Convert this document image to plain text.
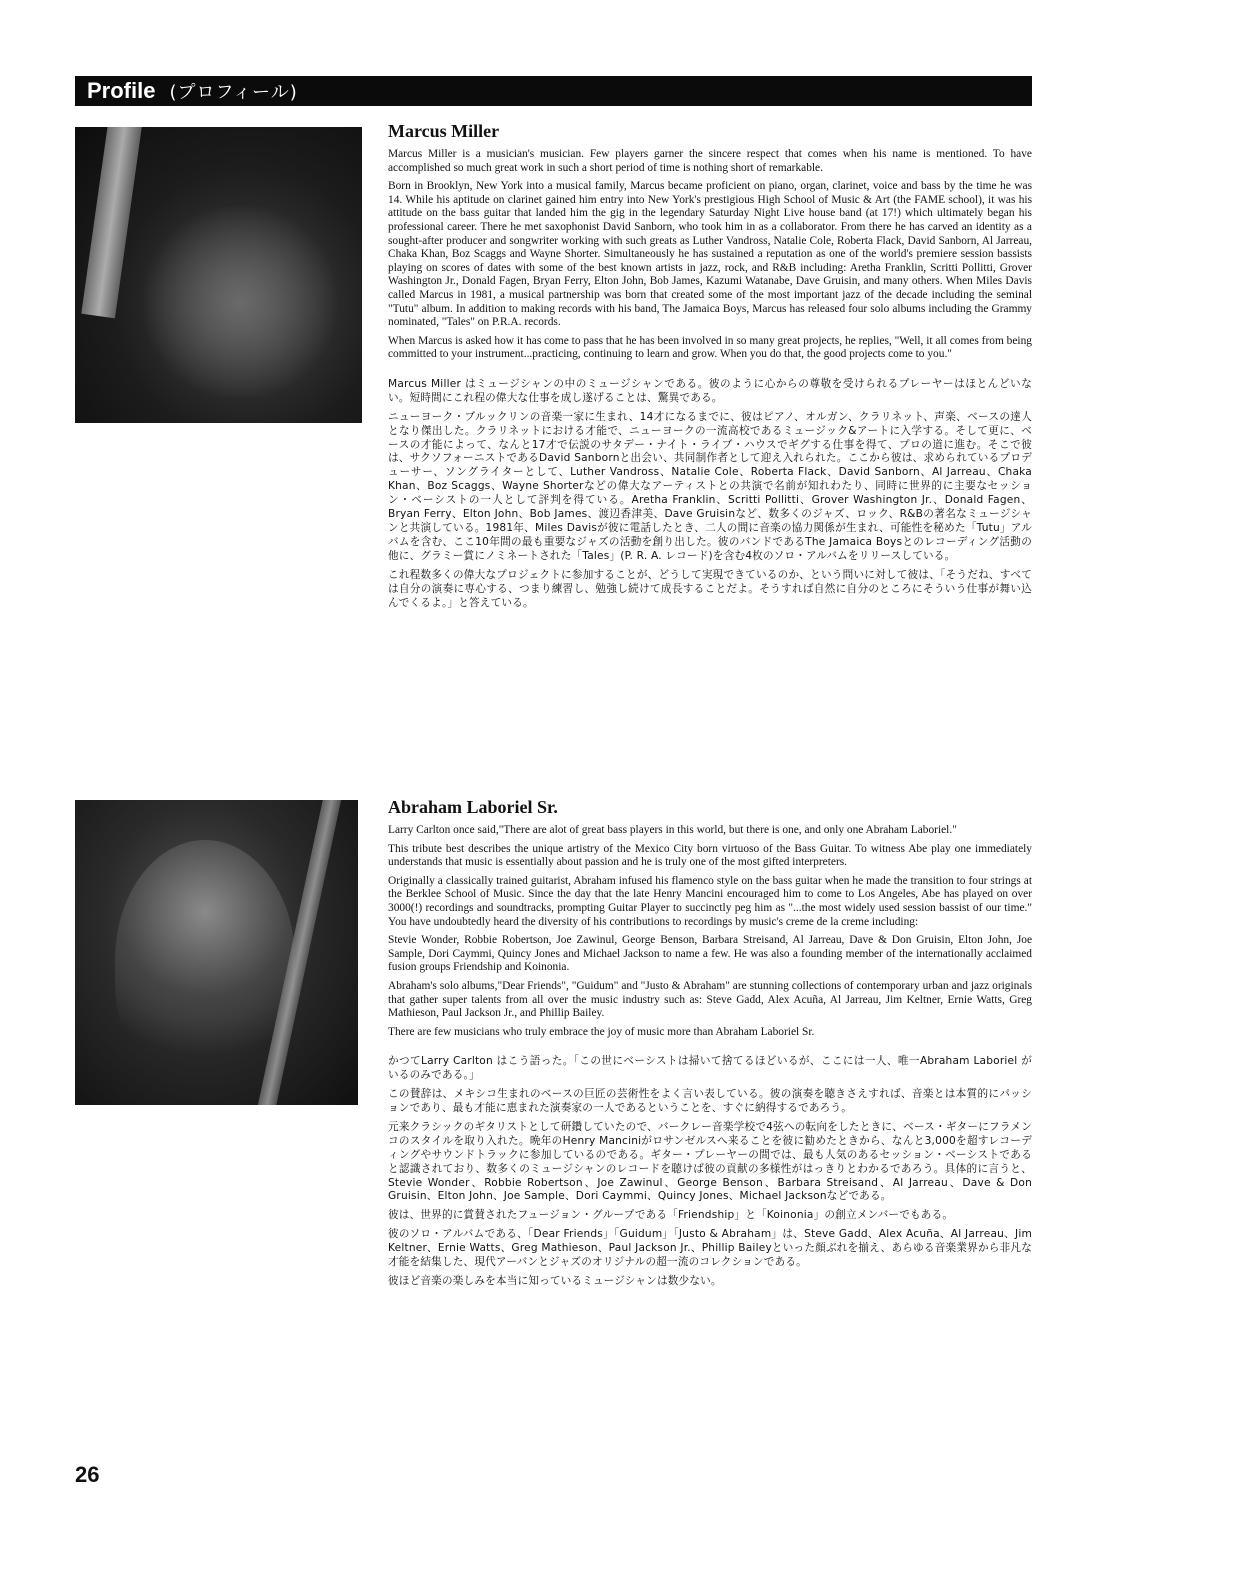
Profile (プロフィール)
Marcus Miller

Marcus Miller is a musician's musician. Few players garner the sincere respect that comes when his name is mentioned. To have accomplished so much great work in such a short period of time is nothing short of remarkable.

Born in Brooklyn, New York into a musical family, Marcus became proficient on piano, organ, clarinet, voice and bass by the time he was 14. While his aptitude on clarinet gained him entry into New York's prestigious High School of Music & Art (the FAME school), it was his attitude on the bass guitar that landed him the gig in the legendary Saturday Night Live house band (at 17!) which ultimately began his professional career. There he met saxophonist David Sanborn, who took him in as a collaborator. From there he has carved an identity as a sought-after producer and songwriter working with such greats as Luther Vandross, Natalie Cole, Roberta Flack, David Sanborn, Al Jarreau, Chaka Khan, Boz Scaggs and Wayne Shorter. Simultaneously he has sustained a reputation as one of the world's premiere session bassists playing on scores of dates with some of the best known artists in jazz, rock, and R&B including: Aretha Franklin, Scritti Pollitti, Grover Washington Jr., Donald Fagen, Bryan Ferry, Elton John, Bob James, Kazumi Watanabe, Dave Gruisin, and many others. When Miles Davis called Marcus in 1981, a musical partnership was born that created some of the most important jazz of the decade including the seminal "Tutu" album. In addition to making records with his band, The Jamaica Boys, Marcus has released four solo albums including the Grammy nominated, "Tales" on P.R.A. records.

When Marcus is asked how it has come to pass that he has been involved in so many great projects, he replies, "Well, it all comes from being committed to your instrument...practicing, continuing to learn and grow. When you do that, the good projects come to you."

Marcus Miller はミュージシャンの中のミュージシャンである。彼のように心からの尊敬を受けられるプレーヤーはほとんどいない。短時間にこれ程の偉大な仕事を成し遂げることは、驚異である。

ニューヨーク・ブルックリンの音楽一家に生まれ、14才になるまでに、彼はピアノ、オルガン、クラリネット、声楽、ベースの達人となり傑出した。クラリネットにおける才能で、ニューヨークの一流高校であるミュージック&アートに入学する。そして更に、ベースの才能によって、なんと17才で伝説のサタデー・ナイト・ライブ・ハウスでギグする仕事を得て、プロの道に進む。そこで彼は、サクソフォーニストであるDavid Sanbornと出会い、共同制作者として迎え入れられた。ここから彼は、求められているプロデューサー、ソングライターとして、Luther Vandross、Natalie Cole、Roberta Flack、David Sanborn、Al Jarreau、Chaka Khan、Boz Scaggs、Wayne Shorterなどの偉大なアーティストとの共演で名前が知れわたり、同時に世界的に主要なセッション・ベーシストの一人として評判を得ている。Aretha Franklin、Scritti Pollitti、Grover Washington Jr.、Donald Fagen、Bryan Ferry、Elton John、Bob James、渡辺香津美、Dave Gruisinなど、数多くのジャズ、ロック、R&Bの著名なミュージシャンと共演している。1981年、Miles Davisが彼に電話したとき、二人の間に音楽の協力関係が生まれ、可能性を秘めた「Tutu」アルバムを含む、ここ10年間の最も重要なジャズの活動を創り出した。彼のバンドであるThe Jamaica Boysとのレコーディング活動の他に、グラミー賞にノミネートされた「Tales」(P. R. A. レコード)を含む4枚のソロ・アルバムをリリースしている。

これ程数多くの偉大なプロジェクトに参加することが、どうして実現できているのか、という問いに対して彼は、「そうだね、すべては自分の演奏に専心する、つまり練習し、勉強し続けて成長することだよ。そうすれば自然に自分のところにそういう仕事が舞い込んでくるよ。」と答えている。

Abraham Laboriel Sr.

Larry Carlton once said,"There are alot of great bass players in this world, but there is one, and only one Abraham Laboriel."

This tribute best describes the unique artistry of the Mexico City born virtuoso of the Bass Guitar. To witness Abe play one immediately understands that music is essentially about passion and he is truly one of the most gifted interpreters.

Originally a classically trained guitarist, Abraham infused his flamenco style on the bass guitar when he made the transition to four strings at the Berklee School of Music. Since the day that the late Henry Mancini encouraged him to come to Los Angeles, Abe has played on over 3000(!) recordings and soundtracks, prompting Guitar Player to succinctly peg him as "...the most widely used session bassist of our time." You have undoubtedly heard the diversity of his contributions to recordings by music's creme de la creme including:

Stevie Wonder, Robbie Robertson, Joe Zawinul, George Benson, Barbara Streisand, Al Jarreau, Dave & Don Gruisin, Elton John, Joe Sample, Dori Caymmi, Quincy Jones and Michael Jackson to name a few. He was also a founding member of the internationally acclaimed fusion groups Friendship and Koinonia.

Abraham's solo albums,"Dear Friends", "Guidum" and "Justo & Abraham" are stunning collections of contemporary urban and jazz originals that gather super talents from all over the music industry such as: Steve Gadd, Alex Acuña, Al Jarreau, Jim Keltner, Ernie Watts, Greg Mathieson, Paul Jackson Jr., and Phillip Bailey.

There are few musicians who truly embrace the joy of music more than Abraham Laboriel Sr.

かつてLarry Carlton はこう語った。「この世にベーシストは掃いて捨てるほどいるが、ここには一人、唯一Abraham Laboriel がいるのみである。」

この賛辞は、メキシコ生まれのベースの巨匠の芸術性をよく言い表している。彼の演奏を聴きさえすれば、音楽とは本質的にパッションであり、最も才能に恵まれた演奏家の一人であるということを、すぐに納得するであろう。

元来クラシックのギタリストとして研鑽していたので、バークレー音楽学校で4弦への転向をしたときに、ベース・ギターにフラメンコのスタイルを取り入れた。晩年のHenry Manciniがロサンゼルスへ来ることを彼に勧めたときから、なんと3,000を超すレコーディングやサウンドトラックに参加しているのである。ギター・プレーヤーの間では、最も人気のあるセッション・ベーシストであると認識されており、数多くのミュージシャンのレコードを聴けば彼の貢献の多様性がはっきりとわかるであろう。具体的に言うと、Stevie Wonder、Robbie Robertson、Joe Zawinul、George Benson、Barbara Streisand、Al Jarreau、Dave & Don Gruisin、Elton John、Joe Sample、Dori Caymmi、Quincy Jones、Michael Jacksonなどである。

彼は、世界的に賞賛されたフュージョン・グループである「Friendship」と「Koinonia」の創立メンバーでもある。

彼のソロ・アルバムである、「Dear Friends」「Guidum」「Justo & Abraham」は、Steve Gadd、Alex Acuña、Al Jarreau、Jim Keltner、Ernie Watts、Greg Mathieson、Paul Jackson Jr.、Phillip Baileyといった顔ぶれを揃え、あらゆる音楽業界から非凡な才能を結集した、現代アーバンとジャズのオリジナルの超一流のコレクションである。

彼ほど音楽の楽しみを本当に知っているミュージシャンは数少ない。

26
